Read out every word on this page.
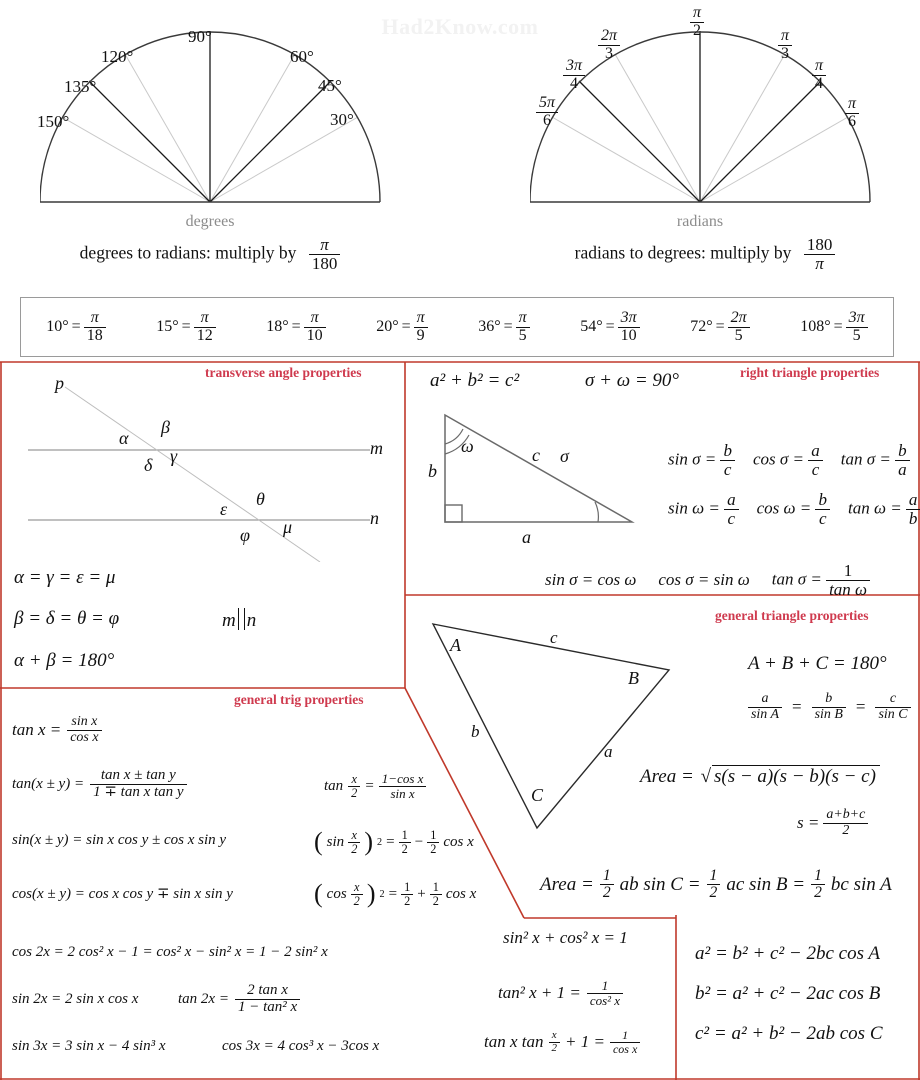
Had2Know.com
90°
60°
45°
30°
120°
135°
150°
degrees
degrees to radians: multiply by $\frac{\pi}{180}$
$\frac{\pi}{2}$
$\frac{2\pi}{3}$
$\frac{3\pi}{4}$
$\frac{5\pi}{6}$
$\frac{\pi}{3}$
$\frac{\pi}{4}$
$\frac{\pi}{6}$
radians
radians to degrees: multiply by $\frac{180}{\pi}$
$10^\circ = \frac{\pi}{18}$	$15^\circ = \frac{\pi}{12}$	$18^\circ = \frac{\pi}{10}$	$20^\circ = \frac{\pi}{9}$	$36^\circ = \frac{\pi}{5}$	$54^\circ = \frac{3\pi}{10}$	$72^\circ = \frac{2\pi}{5}$	$108^\circ = \frac{3\pi}{5}$
transverse angle properties
p
m
n
α
β
γ
δ
ε θ
μ
φ
α = γ = ε = μ
β = δ = θ = φ	m n
α + β = 180°
right triangle properties
a² + b² = c²	σ + ω = 90°
ω	σ
b
a
c	$\sin \sigma = \frac{b}{c}$ $\cos \sigma = \frac{a}{c}$ $\tan \sigma = \frac{b}{a}$
$\sin \omega = \frac{a}{c}$ $\cos \omega = \frac{b}{c}$ $\tan \omega = \frac{a}{b}$
sin σ = cos ω cos σ = sin ω $\tan \sigma = \frac{1}{\text{tan ω}}$
general triangle properties
A
B
C
c
b
a
A + B + C = 180°
$\frac{a}{\text{sin A}} = \frac{b}{\text{sin B}} = \frac{c}{\text{sin C}}$
Area = √ s(s − a)(s − b)(s − c)
$s = \frac{a+b+c}{2}$
Area = $\frac{1}{2}$ ab $\sin C = \frac{1}{2}$ ac $\sin B = \frac{1}{2}$ bc sin A
general trig properties
$\tan x = \frac{\text{sin x}}{\text{cos x}}$
$\tan(x \pm y) = \frac{\text{tan x ± tan y}}{\text{1 ∓ tan x tan y}}$
sin(x ± y) = sin x cos y ± cos x sin y
cos(x ± y) = cos x cos y ∓ sin x sin y
$\tan \frac{x}{2} = \frac{\text{1−cos x}}{\text{sin x}}$
( $\sin \frac{x}{2}$ ) $2 = \frac{1}{2} - \frac{1}{2}$ cos x
( $\cos \frac{x}{2}$ ) $2 = \frac{1}{2} + \frac{1}{2}$ cos x
cos 2x = 2 cos² x − 1 = cos² x − sin² x = 1 − 2 sin² x
sin 2x = 2 sin x cos x	$\tan 2x = \frac{\text{2 tan x}}{\text{1 − tan² x}}$
sin 3x = 3 sin x − 4 sin³ x	cos 3x = 4 cos³ x − 3cos x
sin² x + cos² x = 1
tan² $x + 1 = \frac{1}{\text{cos² x}}$
tan x $\tan \frac{x}{2} + 1 = \frac{1}{\text{cos x}}$
a² = b² + c² − 2bc cos A
b² = a² + c² − 2ac cos B
c² = a² + b² − 2ab cos C
